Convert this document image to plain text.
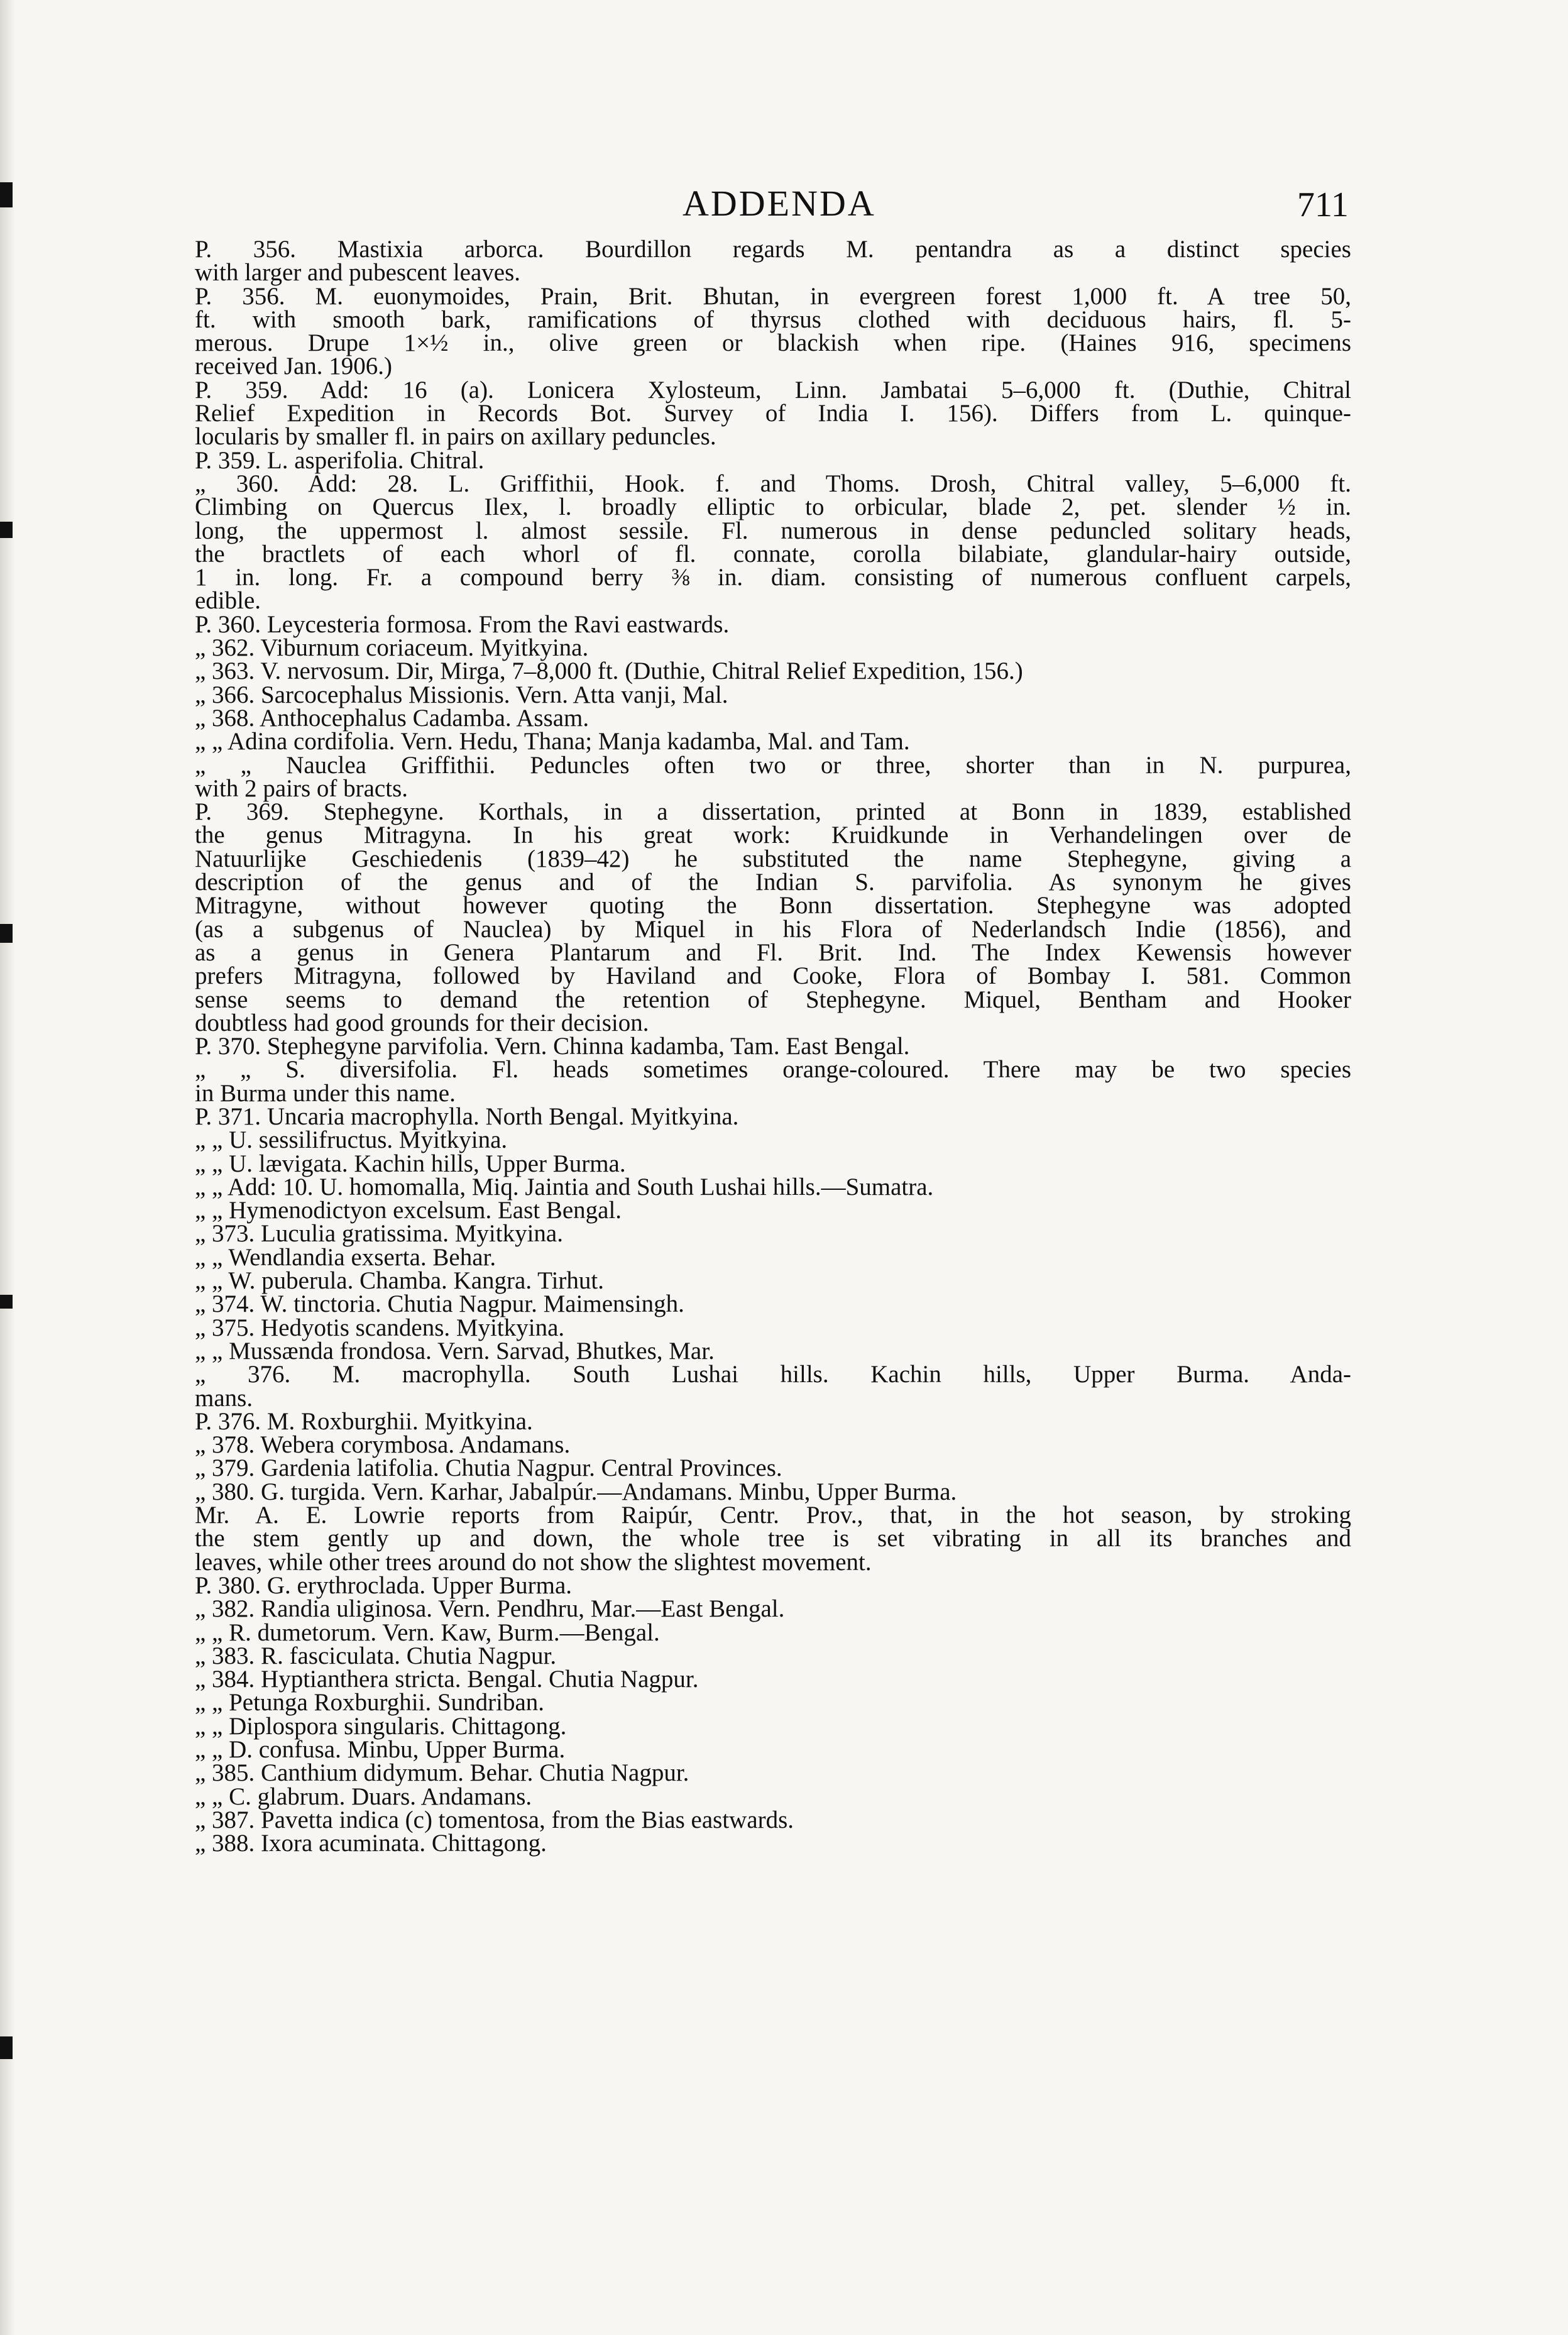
ADDENDA	711
P. 356. Mastixia arborca. Bourdillon regards M. pentandra as a distinct species
with larger and pubescent leaves.
P. 356. M. euonymoides, Prain, Brit. Bhutan, in evergreen forest 1,000 ft. A tree 50,
ft. with smooth bark, ramifications of thyrsus clothed with deciduous hairs, fl. 5-
merous. Drupe 1×½ in., olive green or blackish when ripe. (Haines 916, specimens
received Jan. 1906.)
P. 359. Add: 16 (a). Lonicera Xylosteum, Linn. Jambatai 5–6,000 ft. (Duthie, Chitral
Relief Expedition in Records Bot. Survey of India I. 156). Differs from L. quinque-
locularis by smaller fl. in pairs on axillary peduncles.
P. 359. L. asperifolia. Chitral.
„ 360. Add: 28. L. Griffithii, Hook. f. and Thoms. Drosh, Chitral valley, 5–6,000 ft.
Climbing on Quercus Ilex, l. broadly elliptic to orbicular, blade 2, pet. slender ½ in.
long, the uppermost l. almost sessile. Fl. numerous in dense peduncled solitary heads,
the bractlets of each whorl of fl. connate, corolla bilabiate, glandular-hairy outside,
1 in. long. Fr. a compound berry ⅜ in. diam. consisting of numerous confluent carpels,
edible.
P. 360. Leycesteria formosa. From the Ravi eastwards.
„ 362. Viburnum coriaceum. Myitkyina.
„ 363. V. nervosum. Dir, Mirga, 7–8,000 ft. (Duthie, Chitral Relief Expedition, 156.)
„ 366. Sarcocephalus Missionis. Vern. Atta vanji, Mal.
„ 368. Anthocephalus Cadamba. Assam.
„ „ Adina cordifolia. Vern. Hedu, Thana; Manja kadamba, Mal. and Tam.
„ „ Nauclea Griffithii. Peduncles often two or three, shorter than in N. purpurea,
with 2 pairs of bracts.
P. 369. Stephegyne. Korthals, in a dissertation, printed at Bonn in 1839, established
the genus Mitragyna. In his great work: Kruidkunde in Verhandelingen over de
Natuurlijke Geschiedenis (1839–42) he substituted the name Stephegyne, giving a
description of the genus and of the Indian S. parvifolia. As synonym he gives
Mitragyne, without however quoting the Bonn dissertation. Stephegyne was adopted
(as a subgenus of Nauclea) by Miquel in his Flora of Nederlandsch Indie (1856), and
as a genus in Genera Plantarum and Fl. Brit. Ind. The Index Kewensis however
prefers Mitragyna, followed by Haviland and Cooke, Flora of Bombay I. 581. Common
sense seems to demand the retention of Stephegyne. Miquel, Bentham and Hooker
doubtless had good grounds for their decision.
P. 370. Stephegyne parvifolia. Vern. Chinna kadamba, Tam. East Bengal.
„ „ S. diversifolia. Fl. heads sometimes orange-coloured. There may be two species
in Burma under this name.
P. 371. Uncaria macrophylla. North Bengal. Myitkyina.
„ „ U. sessilifructus. Myitkyina.
„ „ U. lævigata. Kachin hills, Upper Burma.
„ „ Add: 10. U. homomalla, Miq. Jaintia and South Lushai hills.—Sumatra.
„ „ Hymenodictyon excelsum. East Bengal.
„ 373. Luculia gratissima. Myitkyina.
„ „ Wendlandia exserta. Behar.
„ „ W. puberula. Chamba. Kangra. Tirhut.
„ 374. W. tinctoria. Chutia Nagpur. Maimensingh.
„ 375. Hedyotis scandens. Myitkyina.
„ „ Mussænda frondosa. Vern. Sarvad, Bhutkes, Mar.
„ 376. M. macrophylla. South Lushai hills. Kachin hills, Upper Burma. Anda-
mans.
P. 376. M. Roxburghii. Myitkyina.
„ 378. Webera corymbosa. Andamans.
„ 379. Gardenia latifolia. Chutia Nagpur. Central Provinces.
„ 380. G. turgida. Vern. Karhar, Jabalpúr.—Andamans. Minbu, Upper Burma.
Mr. A. E. Lowrie reports from Raipúr, Centr. Prov., that, in the hot season, by stroking
the stem gently up and down, the whole tree is set vibrating in all its branches and
leaves, while other trees around do not show the slightest movement.
P. 380. G. erythroclada. Upper Burma.
„ 382. Randia uliginosa. Vern. Pendhru, Mar.—East Bengal.
„ „ R. dumetorum. Vern. Kaw, Burm.—Bengal.
„ 383. R. fasciculata. Chutia Nagpur.
„ 384. Hyptianthera stricta. Bengal. Chutia Nagpur.
„ „ Petunga Roxburghii. Sundriban.
„ „ Diplospora singularis. Chittagong.
„ „ D. confusa. Minbu, Upper Burma.
„ 385. Canthium didymum. Behar. Chutia Nagpur.
„ „ C. glabrum. Duars. Andamans.
„ 387. Pavetta indica (c) tomentosa, from the Bias eastwards.
„ 388. Ixora acuminata. Chittagong.
